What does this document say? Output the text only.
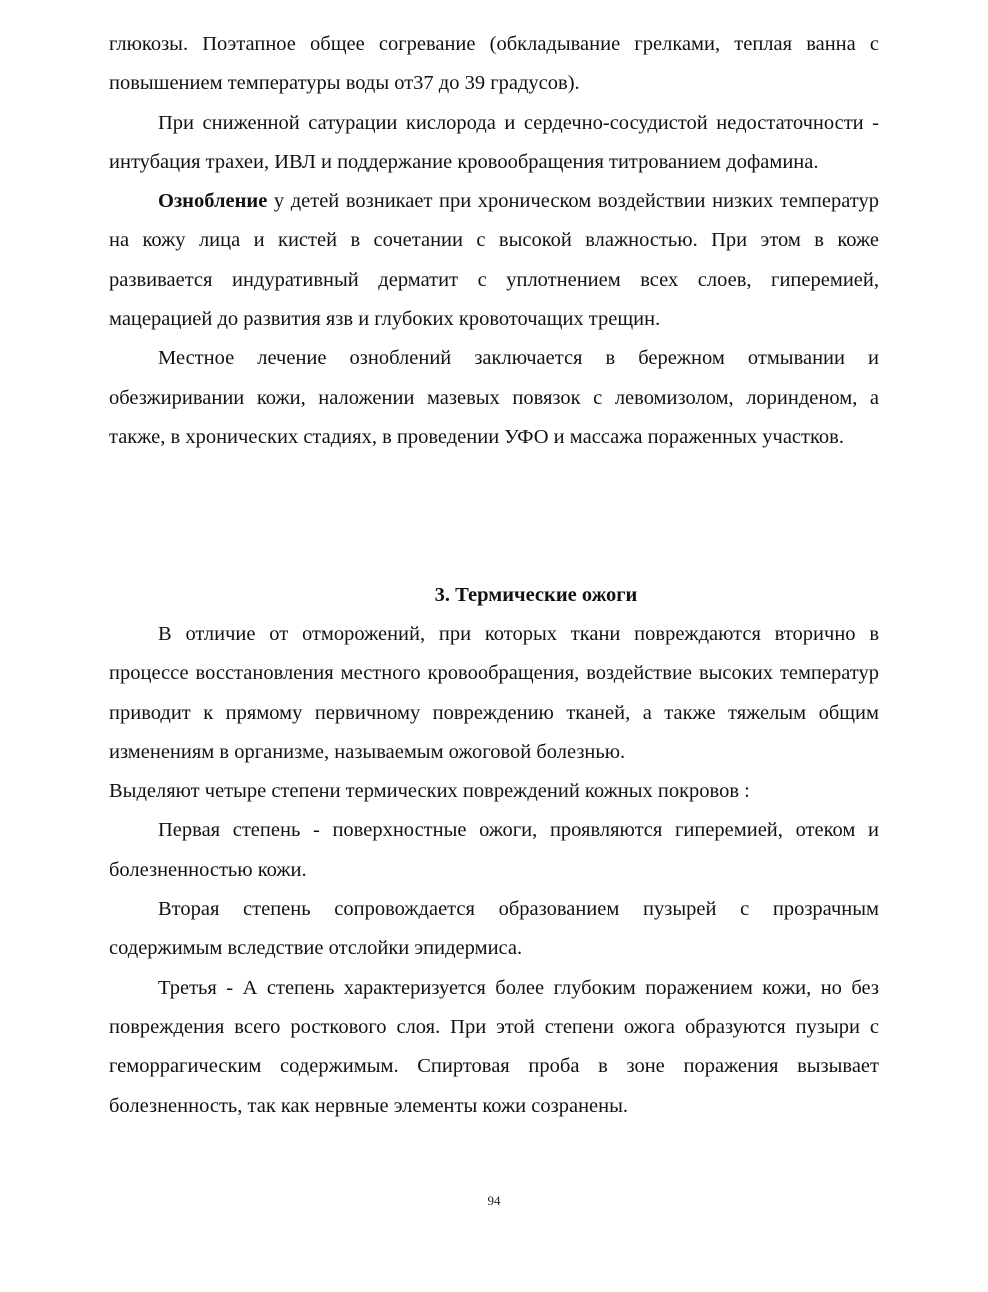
глюкозы. Поэтапное общее согревание (обкладывание грелками, теплая ванна с повышением температуры воды от37 до 39 градусов).

При сниженной сатурации кислорода и сердечно-сосудистой недостаточности - интубация трахеи, ИВЛ и поддержание кровообращения титрованием дофамина.

Ознобление у детей возникает при хроническом воздействии низких температур на кожу лица и кистей в сочетании с высокой влажностью. При этом в коже развивается индуративный дерматит с уплотнением всех слоев, гиперемией, мацерацией до развития язв и глубоких кровоточащих трещин.

Местное лечение озноблений заключается в бережном отмывании и обезжиривании кожи, наложении мазевых повязок с левомизолом, лоринденом, а также, в хронических стадиях, в проведении УФО и массажа пораженных участков.

3. Термические ожоги

В отличие от отморожений, при которых ткани повреждаются вторично в процессе восстановления местного кровообращения, воздействие высоких температур приводит к прямому первичному повреждению тканей, а также тяжелым общим изменениям в организме, называемым ожоговой болезнью.

Выделяют четыре степени термических повреждений кожных покровов :

Первая степень - поверхностные ожоги, проявляются гиперемией, отеком и болезненностью кожи.

Вторая степень сопровождается образованием пузырей с прозрачным содержимым вследствие отслойки эпидермиса.

Третья - А степень характеризуется более глубоким поражением кожи, но без повреждения всего росткового слоя. При этой степени ожога образуются пузыри с геморрагическим содержимым. Спиртовая проба в зоне поражения вызывает болезненность, так как нервные элементы кожи созранены.

94
